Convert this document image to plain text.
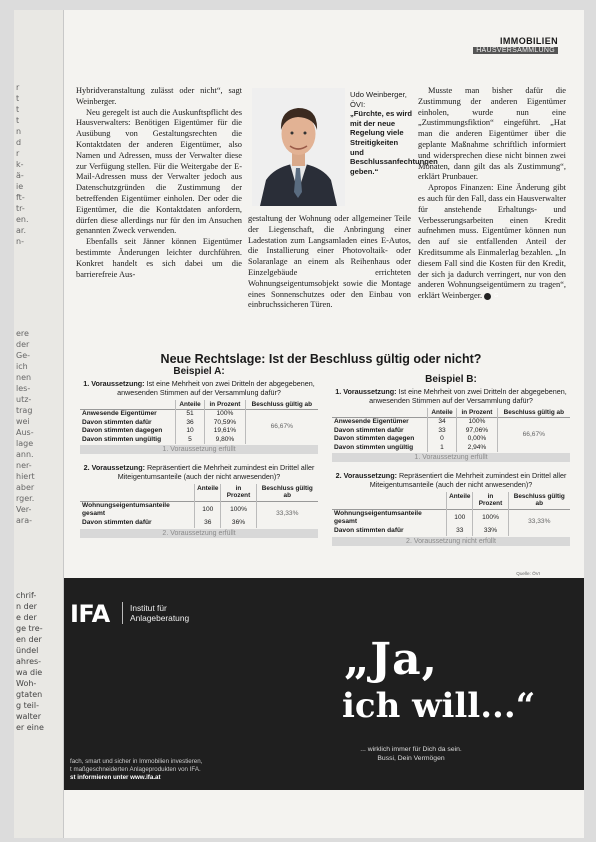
r
t
t
t
n
d
r
k-
ä-
ie
ft-
tr-
en.
ar.
n-
ere
der
Ge-
ich
nen
les-
utz-
trag
wei
Aus-
lage
ann.
ner-
hiert
aber
rger.
Ver-
ara-
chrif-
n der
e der
ge tre-
en der
ündel
ahres-
wa die
Woh-
gtaten
g teil-
walter
er eine
IMMOBILIEN
HAUSVERSAMMLUNG

Hybridveranstaltung zulässt oder nicht“, sagt Weinberger.

Neu geregelt ist auch die Auskunftspflicht des Hausverwalters: Benötigen Eigentümer für die Ausübung von Gestaltungsrechten die Kontaktdaten der anderen Eigentümer, also Namen und Adressen, muss der Verwalter diese zur Verfügung stellen. Für die Weitergabe der E-Mail-Adressen muss der Verwalter jedoch aus Datenschutzgründen die Zustimmung der betreffenden Eigentümer einholen. Der oder die Eigentümer, die die Kontaktdaten anfordern, dürfen diese allerdings nur für den im Ansuchen genannten Zweck verwenden.

Ebenfalls seit Jänner können Eigentümer bestimmte Änderungen leichter durchführen. Konkret handelt es sich dabei um die barrierefreie Aus-

Udo Weinberger, ÖVI:
„Fürchte, es wird mit der neue Regelung viele Streitigkeiten und Beschlussanfechtungen geben.“

gestaltung der Wohnung oder allgemeiner Teile der Liegenschaft, die Anbringung einer Ladestation zum Langsamladen eines E-Autos, die Installierung einer Photovoltaik- oder Solaranlage an einem als Reihenhaus oder Einzelgebäude errichteten Wohnungseigentumsobjekt sowie die Montage eines Sonnenschutzes oder den Einbau von einbruchssicheren Türen.

Musste man bisher dafür die Zustimmung der anderen Eigentümer einholen, wurde nun eine „Zustimmungsfiktion“ eingeführt. „Hat man die anderen Eigentümer über die geplante Maßnahme schriftlich informiert und widersprechen diese nicht binnen zwei Monaten, dann gilt das als Zustimmung“, erklärt Prunbauer.

Apropos Finanzen: Eine Änderung gibt es auch für den Fall, dass ein Hausverwalter für anstehende Erhaltungs- und Verbesserungsarbeiten einen Kredit aufnehmen muss. Eigentümer können nun den auf sie entfallenden Anteil der Kreditsumme als Einmalerlag bezahlen. „In diesem Fall sind die Kosten für den Kredit, der sich ja dadurch verringert, nur von den anderen Wohnungseigentümern zu tragen“, erklärt Weinberger. G

Neue Rechtslage: Ist der Beschluss gültig oder nicht?
Beispiel A:
1. Voraussetzung: Ist eine Mehrheit von zwei Dritteln der abgegebenen, anwesenden Stimmen auf der Versammlung dafür?
	Anteile	in Prozent	Beschluss gültig ab
Anwesende Eigentümer	51	100%	66,67%
Davon stimmten dafür	36	70,59%	
Davon stimmten dagegen	10	19,61%	
Davon stimmten ungültig	5	9,80%	
1. Voraussetzung erfüllt
2. Voraussetzung: Repräsentiert die Mehrheit zumindest ein Drittel aller Miteigentumsanteile (auch der nicht anwesenden)?
	Anteile	in Prozent	Beschluss gültig ab
Wohnungseigentumsanteile gesamt	100	100%	33,33%
Davon stimmten dafür	36	36%	
2. Voraussetzung erfüllt
Beispiel B:
1. Voraussetzung: Ist eine Mehrheit von zwei Dritteln der abgegebenen, anwesenden Stimmen auf der Versammlung dafür?
	Anteile	in Prozent	Beschluss gültig ab
Anwesende Eigentümer	34	100%	66,67%
Davon stimmten dafür	33	97,06%	
Davon stimmten dagegen	0	0,00%	
Davon stimmten ungültig	1	2,94%	
1. Voraussetzung erfüllt
2. Voraussetzung: Repräsentiert die Mehrheit zumindest ein Drittel aller Miteigentumsanteile (auch der nicht anwesenden)?
	Anteile	in Prozent	Beschluss gültig ab
Wohnungseigentumsanteile gesamt	100	100%	33,33%
Davon stimmten dafür	33	33%	
2. Voraussetzung nicht erfüllt
Quelle: ÖVI
IFA Institut für
Anlageberatung
„Ja,
ich will...“
... wirklich immer für Dich da sein.
Bussi, Dein Vermögen
fach, smart und sicher in Immobilien investieren,
t maßgeschneiderten Anlageprodukten von IFA.
st informieren unter www.ifa.at
